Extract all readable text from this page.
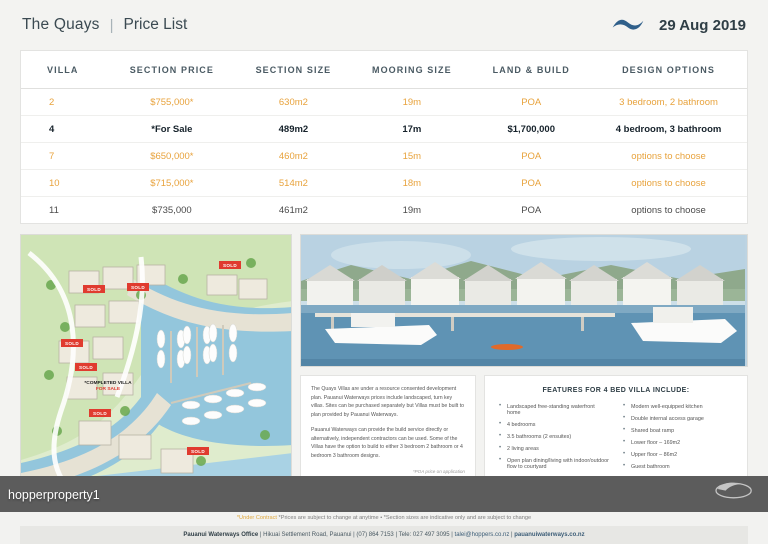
The Quays | Price List	29 Aug 2019
VILLA	SECTION PRICE	SECTION SIZE	MOORING SIZE	LAND & BUILD	DESIGN OPTIONS
2	$755,000*	630m2	19m	POA	3 bedroom, 2 bathroom
4	*For Sale	489m2	17m	$1,700,000	4 bedroom, 3 bathroom
7	$650,000*	460m2	15m	POA	options to choose
10	$715,000*	514m2	18m	POA	options to choose
11	$735,000	461m2	19m	POA	options to choose
SOLD
SOLD	SOLD
SOLD
SOLD
SOLD
SOLD
*COMPLETED VILLA
FOR SALE	The Quays Villas are under a resource consented development plan. Pauanui Waterways prices include landscaped, turn key villas. Sites can be purchased separately but Villas must be built to plan provided by Pauanui Waterways.

Pauanui Waterways can provide the build service directly or alternatively, independent contractors can be used. Some of the Villas have the option to build to either 3 bedroom 2 bathroom or 4 bedroom 3 bathroom designs.

*POA price on application
FEATURES FOR 4 BED VILLA INCLUDE:
• Landscaped free-standing waterfront home
• 4 bedrooms
• 3.5 bathrooms (2 ensuites)
• 2 living areas
• Open plan dining/living with indoor/outdoor flow to courtyard
• Modern well-equipped kitchen
• Double internal access garage
• Shared boat ramp
• Lower floor – 169m2
• Upper floor – 86m2
• Guest bathroom
*Under Contract *Prices are subject to change at anytime • *Section sizes are indicative only and are subject to change
Pauanui Waterways Office | Hikuai Settlement Road, Pauanui | (07) 864 7153 | Tele: 027 497 3095 | talei@hoppers.co.nz | pauanuiwaterways.co.nz
hopperproperty1
